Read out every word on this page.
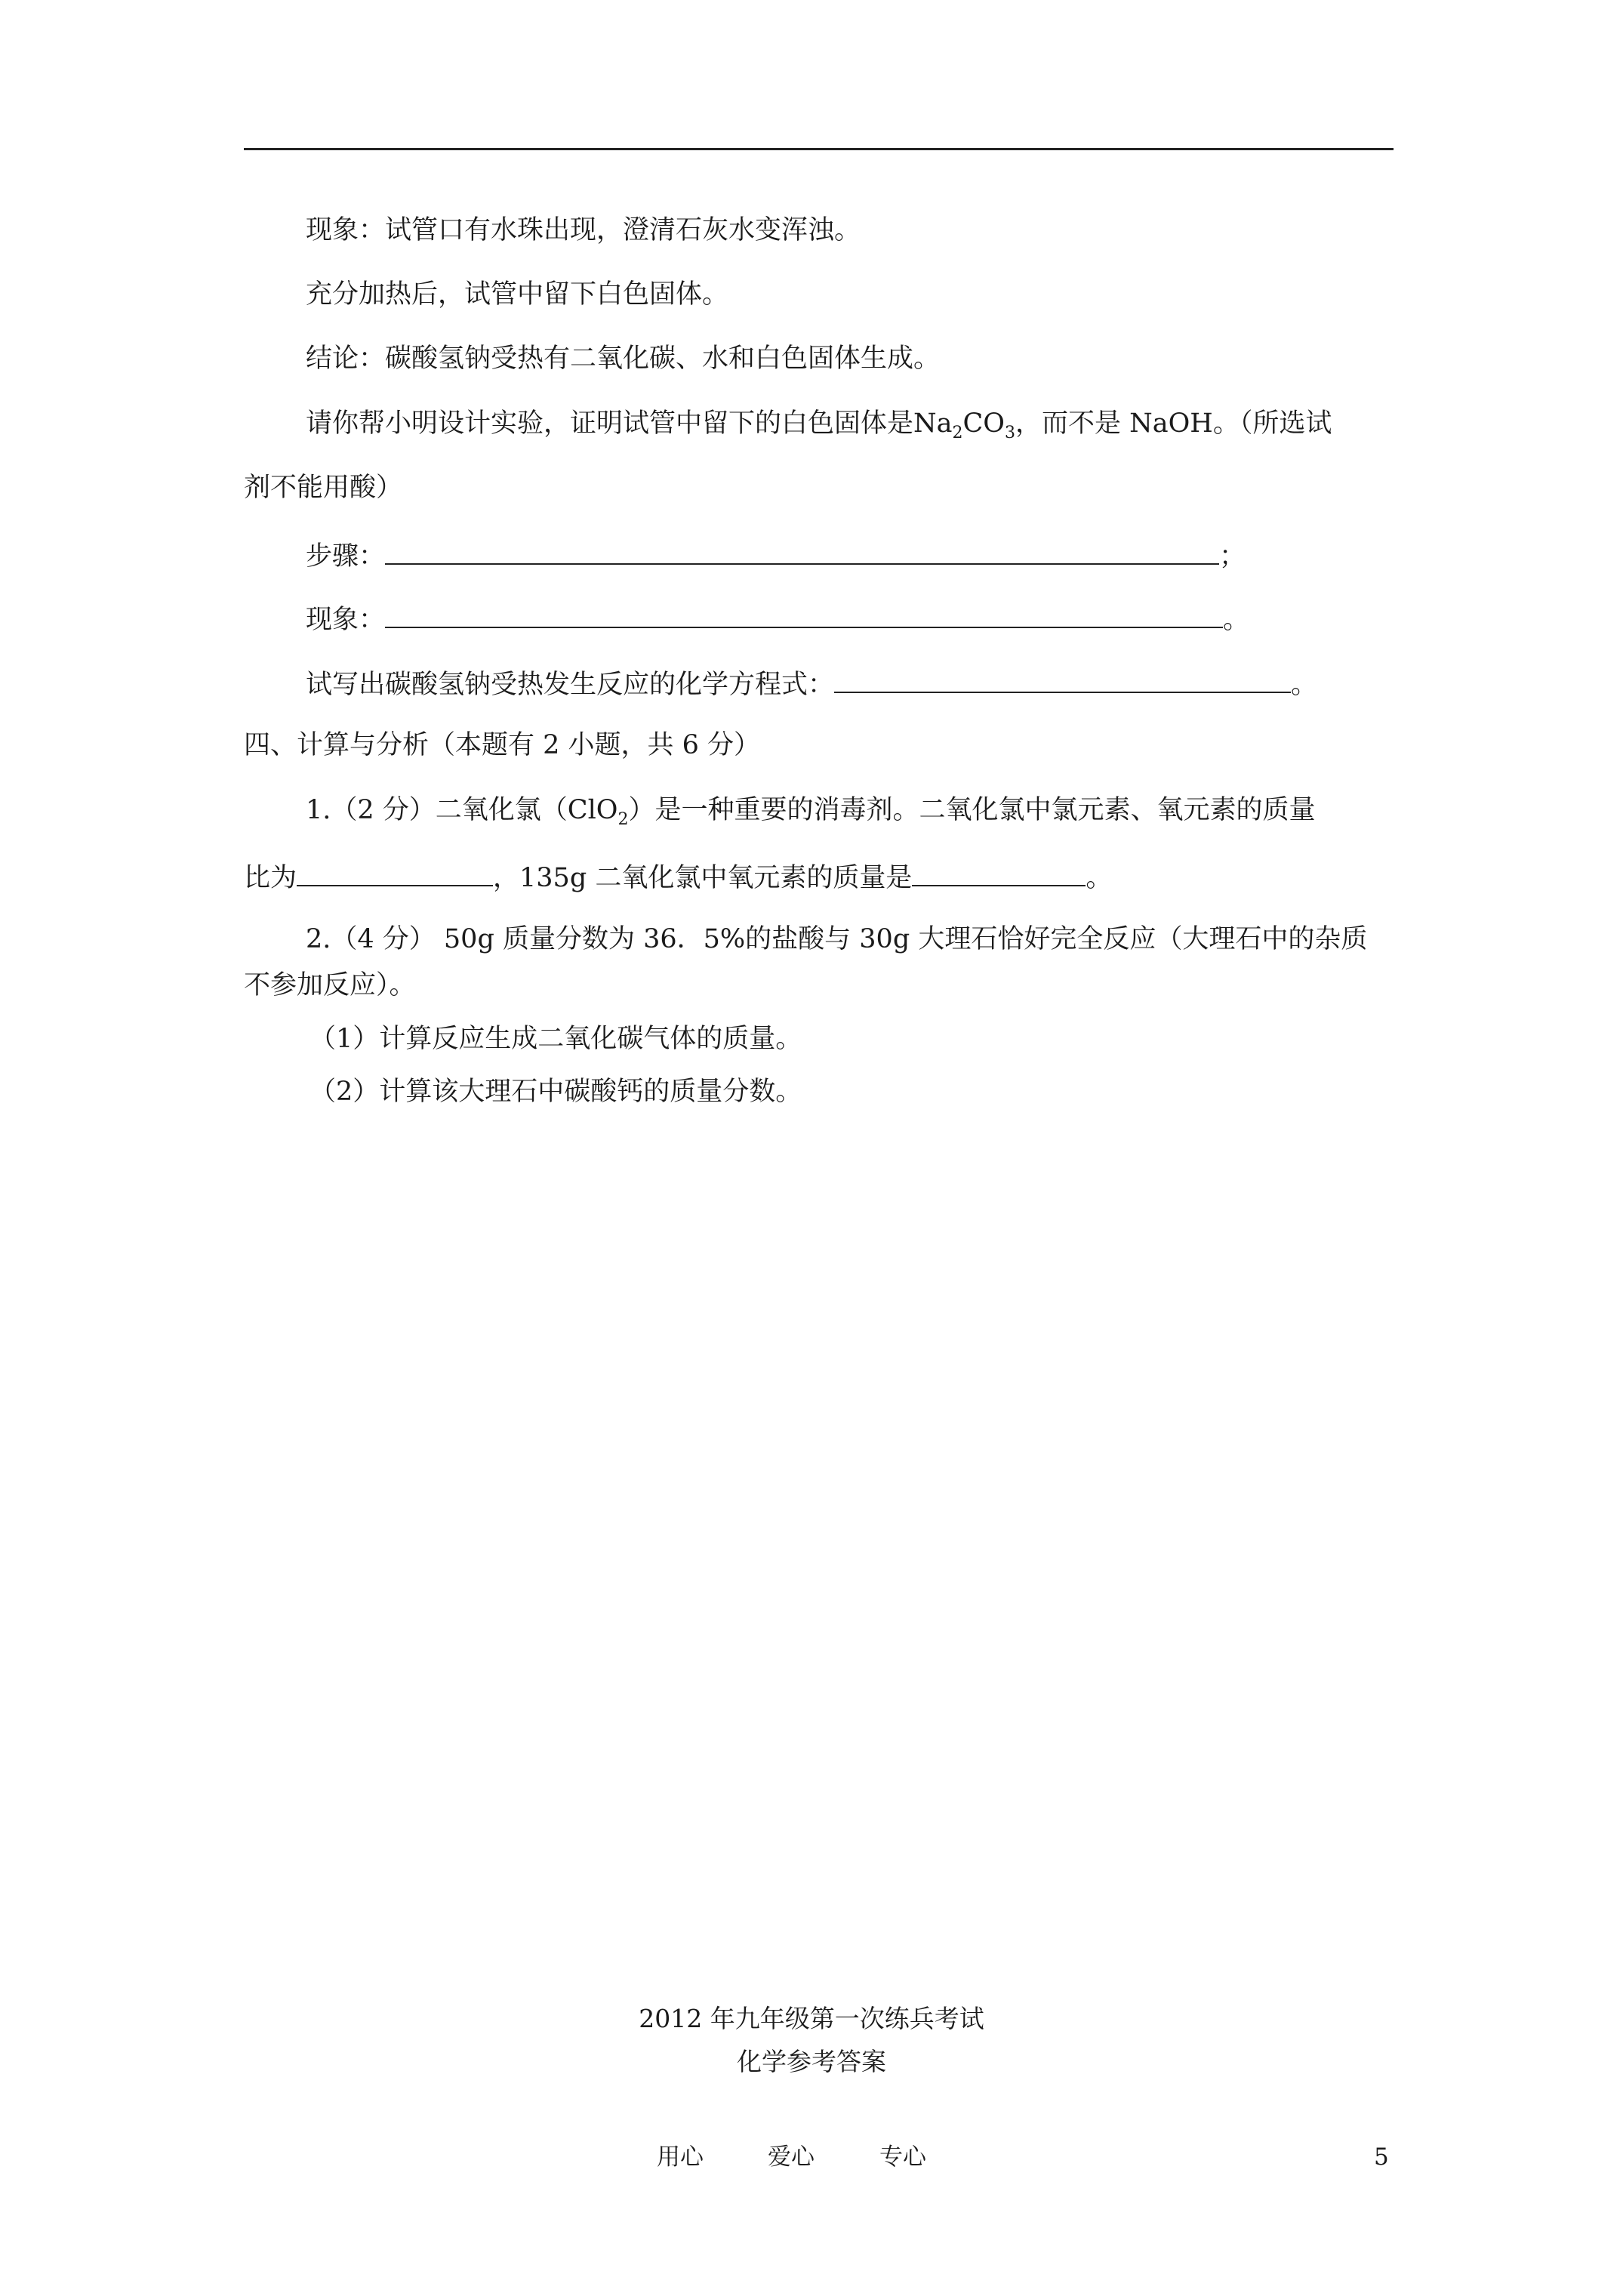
现象：试管口有水珠出现，澄清石灰水变浑浊。
充分加热后，试管中留下白色固体。
结论：碳酸氢钠受热有二氧化碳、水和白色固体生成。
请你帮小明设计实验，证明试管中留下的白色固体是$Na_2CO_3$，而不是 NaOH。（所选试
剂不能用酸）
步骤：	；
现象：	。
试写出碳酸氢钠受热发生反应的化学方程式：	。
四、计算与分析（本题有 2 小题，共 6 分）
1.（2 分）二氧化氯（ClO$_2$）是一种重要的消毒剂。二氧化氯中氯元素、氧元素的质量
比为	，135g 二氧化氯中氧元素的质量是	。
2.（4 分） 50g 质量分数为 36．5%的盐酸与 30g 大理石恰好完全反应（大理石中的杂质
不参加反应）。
（1）计算反应生成二氧化碳气体的质量。
（2）计算该大理石中碳酸钙的质量分数。
2012 年九年级第一次练兵考试
化学参考答案
用心	爱心	专心	5
